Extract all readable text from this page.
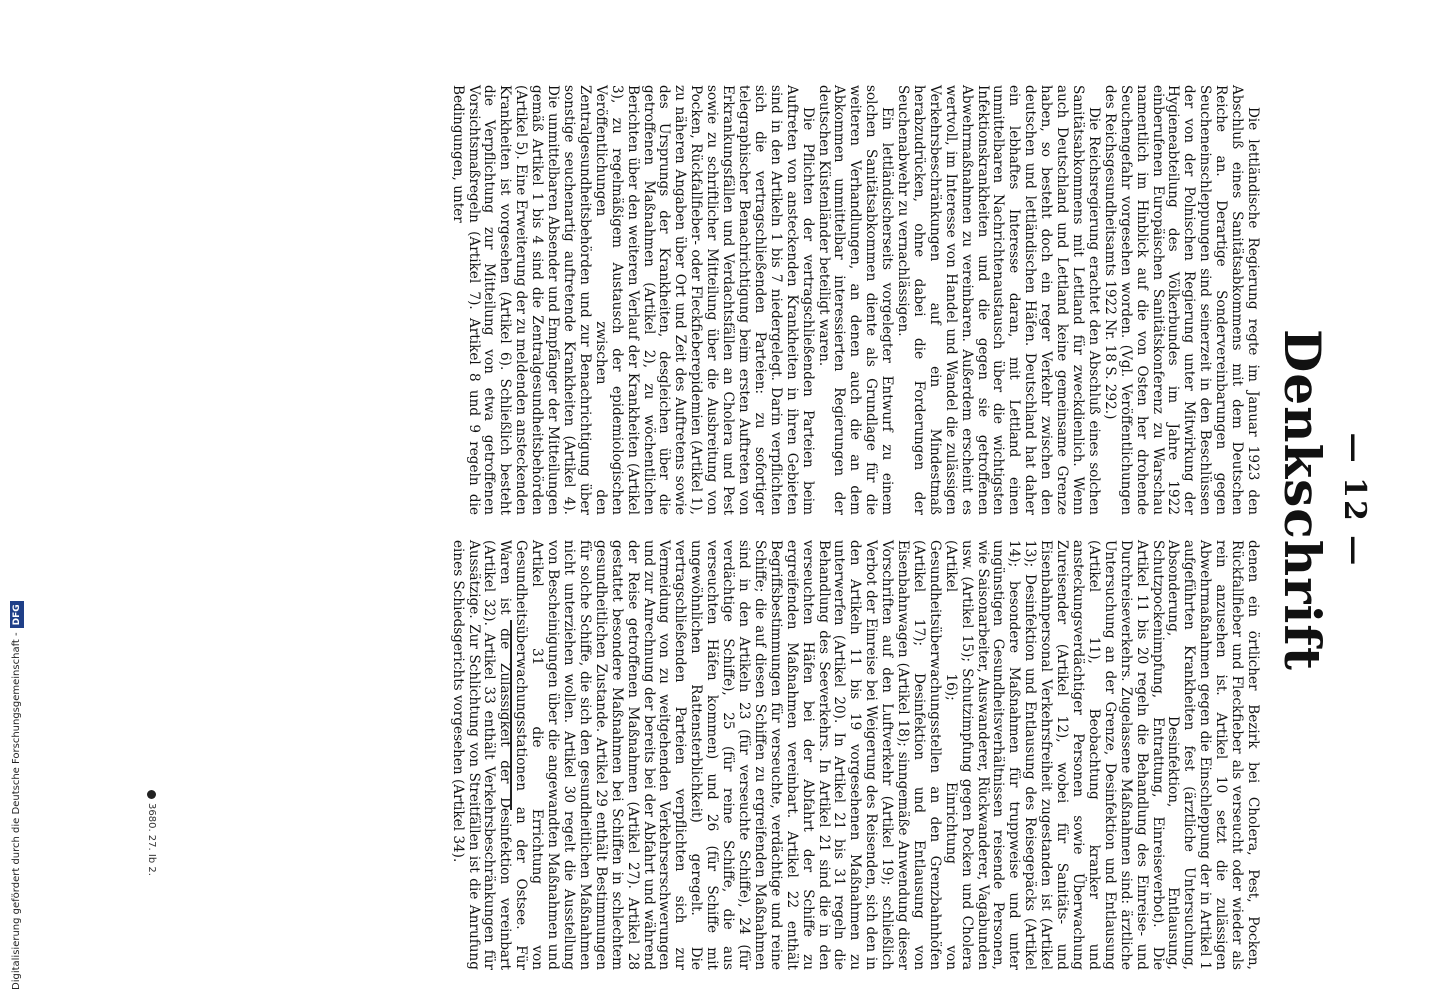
— 12 —
Denkschrift

Die lettländische Regierung regte im Januar 1923 den Abschluß eines Sanitätsabkommens mit dem Deutschen Reiche an. Derartige Sondervereinbarungen gegen Seucheneinschleppungen sind seinerzeit in den Beschlüssen der von der Polnischen Regierung unter Mitwirkung der Hygieneabteilung des Völkerbundes im Jahre 1922 einberufenen Europäischen Sanitätskonferenz zu Warschau namentlich im Hinblick auf die von Osten her drohende Seuchengefahr vorgesehen worden. (Vgl. Veröffentlichungen des Reichsgesundheitsamts 1922 Nr. 18 S. 292.)

Die Reichsregierung erachtet den Abschluß eines solchen Sanitätsabkommens mit Lettland für zweckdienlich. Wenn auch Deutschland und Lettland keine gemeinsame Grenze haben, so besteht doch ein reger Verkehr zwischen den deutschen und lettländischen Häfen. Deutschland hat daher ein lebhaftes Interesse daran, mit Lettland einen unmittelbaren Nachrichtenaustausch über die wichtigsten Infektionskrankheiten und die gegen sie getroffenen Abwehrmaßnahmen zu vereinbaren. Außerdem erscheint es wertvoll, im Interesse von Handel und Wandel die zulässigen Verkehrsbeschränkungen auf ein Mindestmaß herabzudrücken, ohne dabei die Forderungen der Seuchenabwehr zu vernachlässigen.

Ein lettländischerseits vorgelegter Entwurf zu einem solchen Sanitätsabkommen diente als Grundlage für die weiteren Verhandlungen, an denen auch die an dem Abkommen unmittelbar interessierten Regierungen der deutschen Küstenländer beteiligt waren.

Die Pflichten der vertragschließenden Parteien beim Auftreten von ansteckenden Krankheiten in ihren Gebieten sind in den Artikeln 1 bis 7 niedergelegt. Darin verpflichten sich die vertragschließenden Parteien: zu sofortiger telegraphischer Benachrichtigung beim ersten Auftreten von Erkrankungsfällen und Verdachtsfällen an Cholera und Pest sowie zu schriftlicher Mitteilung über die Ausbreitung von Pocken, Rückfallfieber- oder Fleckfieberepidemien (Artikel 1), zu näheren Angaben über Ort und Zeit des Auftretens sowie des Ursprungs der Krankheiten, desgleichen über die getroffenen Maßnahmen (Artikel 2), zu wöchentlichen Berichten über den weiteren Verlauf der Krankheiten (Artikel 3), zu regelmäßigem Austausch der epidemiologischen Veröffentlichungen zwischen den Zentralgesundheitsbehörden und zur Benachrichtigung über sonstige seuchenartig auftretende Krankheiten (Artikel 4). Die unmittelbaren Absender und Empfänger der Mitteilungen gemäß Artikel 1 bis 4 sind die Zentralgesundheitsbehörden (Artikel 5). Eine Erweiterung der zu meldenden ansteckenden Krankheiten ist vorgesehen (Artikel 6). Schließlich besteht die Verpflichtung zur Mitteilung von etwa getroffenen Vorsichtsmaßregeln (Artikel 7). Artikel 8 und 9 regeln die Bedingungen, unter

denen ein örtlicher Bezirk bei Cholera, Pest, Pocken, Rückfallfieber und Fleckfieber als verseucht oder wieder als rein anzusehen ist. Artikel 10 setzt die zulässigen Abwehrmaßnahmen gegen die Einschleppung der in Artikel 1 aufgeführten Krankheiten fest (ärztliche Untersuchung, Absonderung, Desinfektion, Entlausung, Schutzpockenimpfung, Entrattung, Einreiseverbot). Die Artikel 11 bis 20 regeln die Behandlung des Einreise- und Durchreiseverkehrs. Zugelassene Maßnahmen sind: ärztliche Untersuchung an der Grenze, Desinfektion und Entlausung (Artikel 11), Beobachtung kranker und ansteckungsverdächtiger Personen sowie Überwachung Zureisender (Artikel 12), wobei für Sanitäts- und Eisenbahnpersonal Verkehrsfreiheit zugestanden ist (Artikel 13); Desinfektion und Entlausung des Reisegepäcks (Artikel 14); besondere Maßnahmen für truppweise und unter ungünstigen Gesundheitsverhältnissen reisende Personen, wie Saisonarbeiter, Auswanderer, Rückwanderer, Vagabunden usw. (Artikel 15); Schutzimpfung gegen Pocken und Cholera (Artikel 16); Einrichtung von Gesundheitsüberwachungsstellen an den Grenzbahnhöfen (Artikel 17); Desinfektion und Entlausung von Eisenbahnwagen (Artikel 18); sinngemäße Anwendung dieser Vorschriften auf den Luftverkehr (Artikel 19); schließlich Verbot der Einreise bei Weigerung des Reisenden, sich den in den Artikeln 11 bis 19 vorgesehenen Maßnahmen zu unterwerfen (Artikel 20). In Artikel 21 bis 31 regeln die Behandlung des Seeverkehrs. In Artikel 21 sind die in den verseuchten Häfen bei der Abfahrt der Schiffe zu ergreifenden Maßnahmen vereinbart. Artikel 22 enthält Begriffsbestimmungen für verseuchte, verdächtige und reine Schiffe; die auf diesen Schiffen zu ergreifenden Maßnahmen sind in den Artikeln 23 (für verseuchte Schiffe), 24 (für verdächtige Schiffe), 25 (für reine Schiffe, die aus verseuchten Häfen kommen) und 26 (für Schiffe mit ungewöhnlichen Rattensterblichkeit) geregelt. Die vertragschließenden Parteien verpflichten sich zur Vermeidung von zu weitgehenden Verkehrserschwerungen und zur Anrechnung der bereits bei der Abfahrt und während der Reise getroffenen Maßnahmen (Artikel 27). Artikel 28 gestattet besondere Maßnahmen bei Schiffen in schlechtem gesundheitlichen Zustande. Artikel 29 enthält Bestimmungen für solche Schiffe, die sich den gesundheitlichen Maßnahmen nicht unterziehen wollen. Artikel 30 regelt die Ausstellung von Bescheinigungen über die angewandten Maßnahmen und Artikel 31 die Errichtung von Gesundheitsüberwachungsstationen an der Ostsee. Für Waren ist die Zulässigkeit der Desinfektion vereinbart (Artikel 32). Artikel 33 enthält Verkehrsbeschränkungen für Aussätzige. Zur Schlichtung von Streitfällen ist die Anrufung eines Schiedsgerichts vorgesehen (Artikel 34).

3680. 27. Ib 2.
Digitalisierung gefördert durch die Deutsche Forschungsgemeinschaft -DFG
